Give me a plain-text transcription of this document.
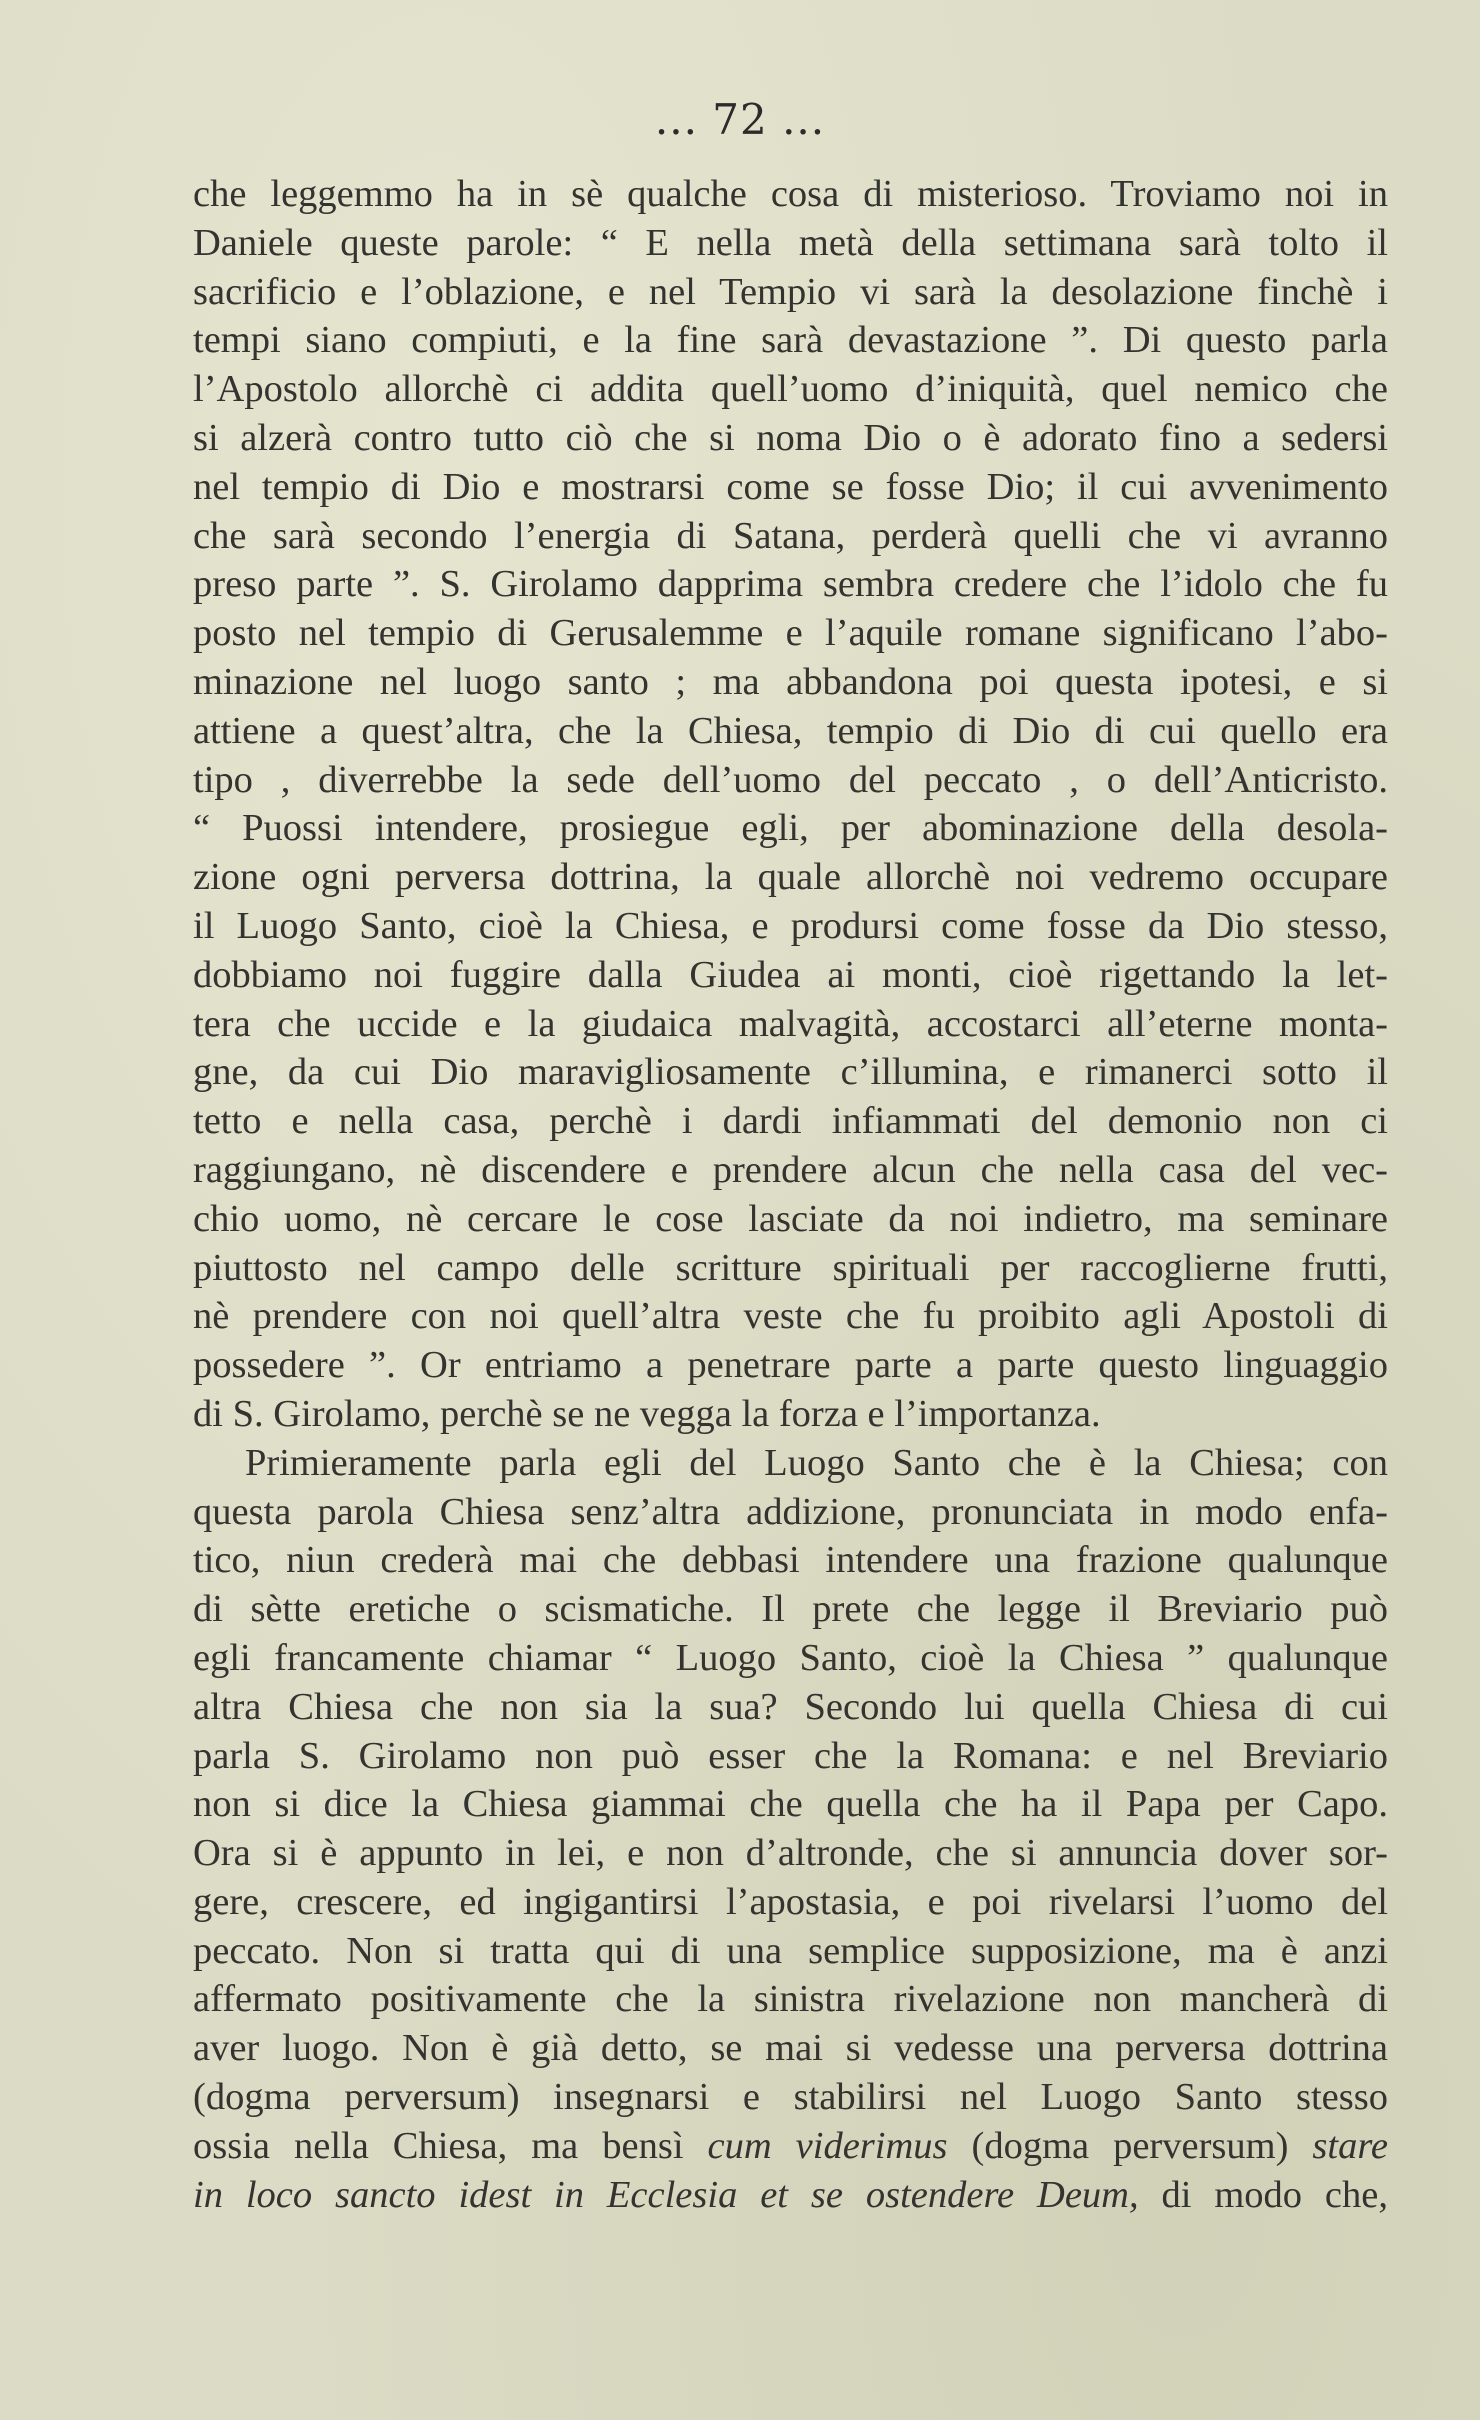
... 72 ...
che leggemmo ha in sè qualche cosa di misterioso. Troviamo noi in
Daniele queste parole: “ E nella metà della settimana sarà tolto il
sacrificio e l’oblazione, e nel Tempio vi sarà la desolazione finchè i
tempi siano compiuti, e la fine sarà devastazione ”. Di questo parla
l’Apostolo allorchè ci addita quell’uomo d’iniquità, quel nemico che
si alzerà contro tutto ciò che si noma Dio o è adorato fino a sedersi
nel tempio di Dio e mostrarsi come se fosse Dio; il cui avvenimento
che sarà secondo l’energia di Satana, perderà quelli che vi avranno
preso parte ”. S. Girolamo dapprima sembra credere che l’idolo che fu
posto nel tempio di Gerusalemme e l’aquile romane significano l’abo-
minazione nel luogo santo ; ma abbandona poi questa ipotesi, e si
attiene a quest’altra, che la Chiesa, tempio di Dio di cui quello era
tipo , diverrebbe la sede dell’uomo del peccato , o dell’Anticristo.
“ Puossi intendere, prosiegue egli, per abominazione della desola-
zione ogni perversa dottrina, la quale allorchè noi vedremo occupare
il Luogo Santo, cioè la Chiesa, e prodursi come fosse da Dio stesso,
dobbiamo noi fuggire dalla Giudea ai monti, cioè rigettando la let-
tera che uccide e la giudaica malvagità, accostarci all’eterne monta-
gne, da cui Dio maravigliosamente c’illumina, e rimanerci sotto il
tetto e nella casa, perchè i dardi infiammati del demonio non ci
raggiungano, nè discendere e prendere alcun che nella casa del vec-
chio uomo, nè cercare le cose lasciate da noi indietro, ma seminare
piuttosto nel campo delle scritture spirituali per raccoglierne frutti,
nè prendere con noi quell’altra veste che fu proibito agli Apostoli di
possedere ”. Or entriamo a penetrare parte a parte questo linguaggio
di S. Girolamo, perchè se ne vegga la forza e l’importanza.
Primieramente parla egli del Luogo Santo che è la Chiesa; con
questa parola Chiesa senz’altra addizione, pronunciata in modo enfa-
tico, niun crederà mai che debbasi intendere una frazione qualunque
di sètte eretiche o scismatiche. Il prete che legge il Breviario può
egli francamente chiamar “ Luogo Santo, cioè la Chiesa ” qualunque
altra Chiesa che non sia la sua? Secondo lui quella Chiesa di cui
parla S. Girolamo non può esser che la Romana: e nel Breviario
non si dice la Chiesa giammai che quella che ha il Papa per Capo.
Ora si è appunto in lei, e non d’altronde, che si annuncia dover sor-
gere, crescere, ed ingigantirsi l’apostasia, e poi rivelarsi l’uomo del
peccato. Non si tratta qui di una semplice supposizione, ma è anzi
affermato positivamente che la sinistra rivelazione non mancherà di
aver luogo. Non è già detto, se mai si vedesse una perversa dottrina
(dogma perversum) insegnarsi e stabilirsi nel Luogo Santo stesso
ossia nella Chiesa, ma bensì cum viderimus (dogma perversum) stare
in loco sancto idest in Ecclesia et se ostendere Deum, di modo che,
